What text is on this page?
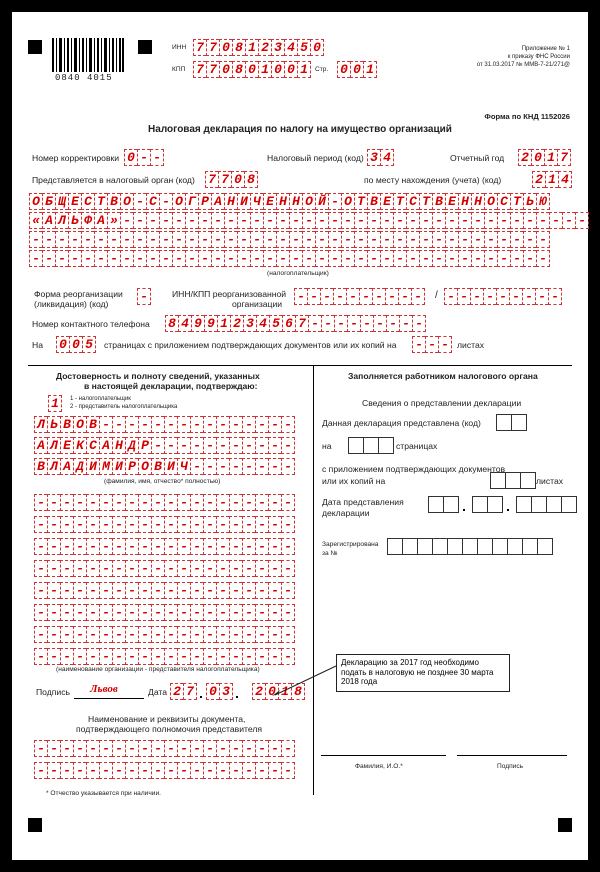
0840 4015
ИНН 7 7 0 8 1 2 3 4 5 0
КПП 7 7 0 8 0 1 0 0 1	Стр. 0 0 1
Приложение № 1
к приказу ФНС России
от 31.03.2017 № ММВ-7-21/271@
Форма по КНД 1152026
Налоговая декларация по налогу на имущество организаций
Номер корректировки 0 - -	Налоговый период (код) 3 4	Отчетный год 2 0 1 7
Представляется в налоговый орган (код) 7 7 0 8	по месту нахождения (учета) (код)	2 1 4
О Б Щ Е С Т В О - С - О Г Р А Н И Ч Е Н Н О Й - О Т В Е Т С Т В Е Н Н О С Т Ь Ю
« А Л Ь Ф А » - - - - - - - - - - - - - - - - - - - - - - - - - - - - - - - - - - - -
- - - - - - - - - - - - - - - - - - - - - - - - - - - - - - - - - - - - - - - -
- - - - - - - - - - - - - - - - - - - - - - - - - - - - - - - - - - - - - - - -
(налогоплательщик)
Форма реорганизации
(ликвидация) (код) -	ИНН/КПП реорганизованной
организации - - - - - - - - - -	/ - - - - - - - - -
Номер контактного телефона 8 4 9 9 1 2 3 4 5 6 7 - - - - - - - - -
На 0 0 5	страницах с приложением подтверждающих документов или их копий на - - - листах
Достоверность и полноту сведений, указанных
в настоящей декларации, подтверждаю:
1	1 - налогоплательщик
2 - представитель налогоплательщика
Л Ь В О В - - - - - - - - - - - - - - -
А Л Е К С А Н Д Р - - - - - - - - - - -
В Л А Д И М И Р О В И Ч - - - - - - - -
(фамилия, имя, отчество* полностью)
- - - - - - - - - - - - - - - - - - - -
- - - - - - - - - - - - - - - - - - - -
- - - - - - - - - - - - - - - - - - - -
- - - - - - - - - - - - - - - - - - - -
- - - - - - - - - - - - - - - - - - - -
- - - - - - - - - - - - - - - - - - - -
- - - - - - - - - - - - - - - - - - - -
- - - - - - - - - - - - - - - - - - - -
(наименование организации - представителя налогоплательщика)
Подпись Львов	Дата 2 7 0 3 2 0 1 8
Наименование и реквизиты документа,
подтверждающего полномочия представителя
- - - - - - - - - - - - - - - - - - - -
- - - - - - - - - - - - - - - - - - - -
Заполняется работником налогового органа
Сведения о представлении декларации
Данная декларация представлена (код)
на	страницах
с приложением подтверждающих документов
или их копий на	листах
Дата представления
декларации
Зарегистрирована
за №
Фамилия, И.О.*	Подпись
Декларацию за 2017 год необходимо подать в налоговую не позднее 30 марта 2018 года
* Отчество указывается при наличии.
